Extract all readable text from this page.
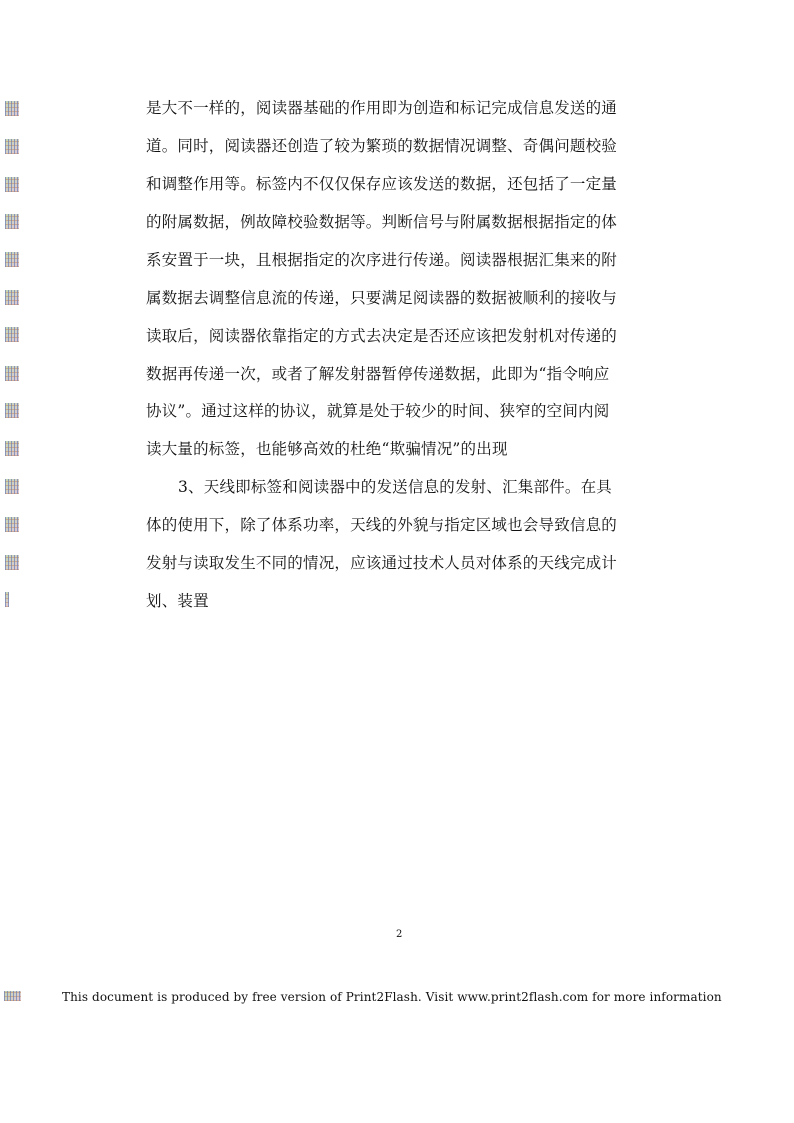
是大不一样的，阅读器基础的作用即为创造和标记完成信息发送的通
道。同时，阅读器还创造了较为繁琐的数据情况调整、奇偶问题校验
和调整作用等。标签内不仅仅保存应该发送的数据，还包括了一定量
的附属数据，例故障校验数据等。判断信号与附属数据根据指定的体
系安置于一块，且根据指定的次序进行传递。阅读器根据汇集来的附
属数据去调整信息流的传递，只要满足阅读器的数据被顺利的接收与
读取后，阅读器依靠指定的方式去决定是否还应该把发射机对传递的
数据再传递一次，或者了解发射器暂停传递数据，此即为“指令响应
协议”。通过这样的协议，就算是处于较少的时间、狭窄的空间内阅
读大量的标签，也能够高效的杜绝“欺骗情况”的出现
3、天线即标签和阅读器中的发送信息的发射、汇集部件。在具
体的使用下，除了体系功率，天线的外貌与指定区域也会导致信息的
发射与读取发生不同的情况，应该通过技术人员对体系的天线完成计
划、装置
2
This document is produced by free version of Print2Flash. Visit www.print2flash.com for more information
